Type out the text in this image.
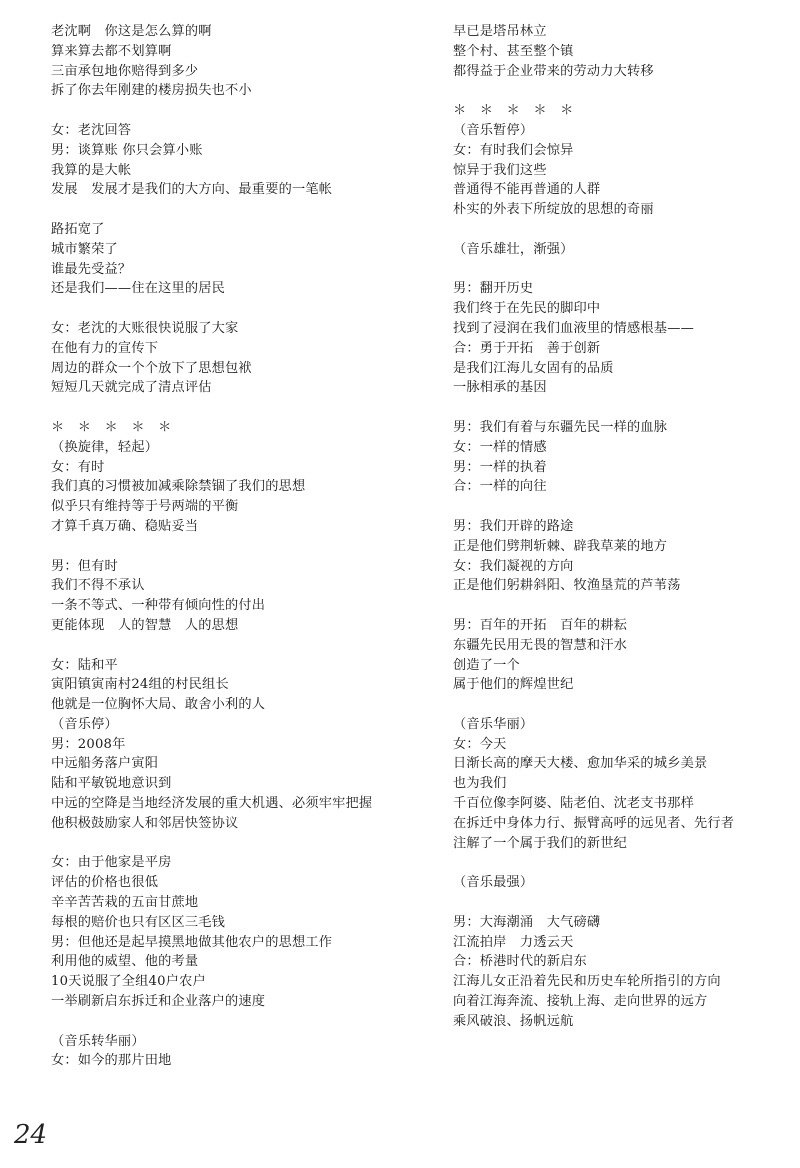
老沈啊　你这是怎么算的啊
算来算去都不划算啊
三亩承包地你赔得到多少
拆了你去年刚建的楼房损失也不小
女：老沈回答
男：谈算账 你只会算小账
我算的是大帐
发展　发展才是我们的大方向、最重要的一笔帐
路拓宽了
城市繁荣了
谁最先受益？
还是我们——住在这里的居民
女：老沈的大账很快说服了大家
在他有力的宣传下
周边的群众一个个放下了思想包袱
短短几天就完成了清点评估
＊　＊　＊　＊　＊
（换旋律，轻起）
女：有时
我们真的习惯被加减乘除禁锢了我们的思想
似乎只有维持等于号两端的平衡
才算千真万确、稳贴妥当
男：但有时
我们不得不承认
一条不等式、一种带有倾向性的付出
更能体现　人的智慧　人的思想
女：陆和平
寅阳镇寅南村24组的村民组长
他就是一位胸怀大局、敢舍小利的人
（音乐停）
男：2008年
中远船务落户寅阳
陆和平敏锐地意识到
中远的空降是当地经济发展的重大机遇、必须牢牢把握
他积极鼓励家人和邻居快签协议
女：由于他家是平房
评估的价格也很低
辛辛苦苦栽的五亩甘蔗地
每根的赔价也只有区区三毛钱
男：但他还是起早摸黑地做其他农户的思想工作
利用他的威望、他的考量
10天说服了全组40户农户
一举刷新启东拆迁和企业落户的速度
（音乐转华丽）
女：如今的那片田地
早已是塔吊林立
整个村、甚至整个镇
都得益于企业带来的劳动力大转移
＊　＊　＊　＊　＊
（音乐暂停）
女：有时我们会惊异
惊异于我们这些
普通得不能再普通的人群
朴实的外表下所绽放的思想的奇丽
（音乐雄壮，渐强）
男：翻开历史
我们终于在先民的脚印中
找到了浸润在我们血液里的情感根基——
合：勇于开拓　善于创新
是我们江海儿女固有的品质
一脉相承的基因
男：我们有着与东疆先民一样的血脉
女：一样的情感
男：一样的执着
合：一样的向往
男：我们开辟的路途
正是他们劈荆斩棘、辟我草莱的地方
女：我们凝视的方向
正是他们躬耕斜阳、牧渔垦荒的芦苇荡
男：百年的开拓　百年的耕耘
东疆先民用无畏的智慧和汗水
创造了一个
属于他们的辉煌世纪
（音乐华丽）
女：今天
日渐长高的摩天大楼、愈加华采的城乡美景
也为我们
千百位像李阿婆、陆老伯、沈老支书那样
在拆迁中身体力行、振臂高呼的远见者、先行者
注解了一个属于我们的新世纪
（音乐最强）
男：大海潮涌　大气磅礴
江流拍岸　力透云天
合：桥港时代的新启东
江海儿女正沿着先民和历史车轮所指引的方向
向着江海奔流、接轨上海、走向世界的远方
乘风破浪、扬帆远航
24
